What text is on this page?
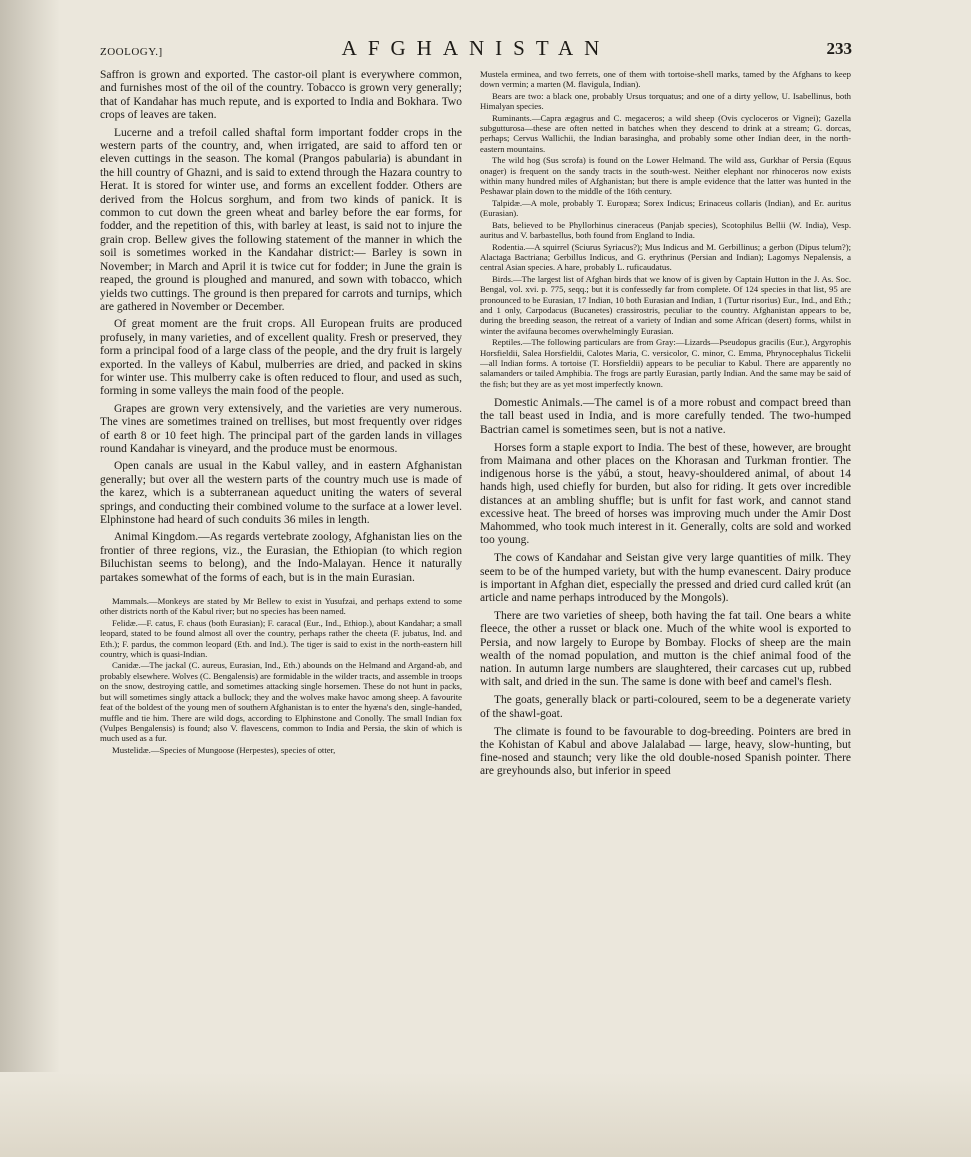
ZOOLOGY.]	AFGHANISTAN	233

Saffron is grown and exported. The castor-oil plant is everywhere common, and furnishes most of the oil of the country. Tobacco is grown very generally; that of Kandahar has much repute, and is exported to India and Bokhara. Two crops of leaves are taken.

Lucerne and a trefoil called shaftal form important fodder crops in the western parts of the country, and, when irrigated, are said to afford ten or eleven cuttings in the season. The komal (Prangos pabularia) is abundant in the hill country of Ghazni, and is said to extend through the Hazara country to Herat. It is stored for winter use, and forms an excellent fodder. Others are derived from the Holcus sorghum, and from two kinds of panick. It is common to cut down the green wheat and barley before the ear forms, for fodder, and the repetition of this, with barley at least, is said not to injure the grain crop. Bellew gives the following statement of the manner in which the soil is sometimes worked in the Kandahar district:— Barley is sown in November; in March and April it is twice cut for fodder; in June the grain is reaped, the ground is ploughed and manured, and sown with tobacco, which yields two cuttings. The ground is then prepared for carrots and turnips, which are gathered in November or December.

Of great moment are the fruit crops. All European fruits are produced profusely, in many varieties, and of excellent quality. Fresh or preserved, they form a principal food of a large class of the people, and the dry fruit is largely exported. In the valleys of Kabul, mulberries are dried, and packed in skins for winter use. This mulberry cake is often reduced to flour, and used as such, forming in some valleys the main food of the people.

Grapes are grown very extensively, and the varieties are very numerous. The vines are sometimes trained on trellises, but most frequently over ridges of earth 8 or 10 feet high. The principal part of the garden lands in villages round Kandahar is vineyard, and the produce must be enormous.

Open canals are usual in the Kabul valley, and in eastern Afghanistan generally; but over all the western parts of the country much use is made of the karez, which is a subterranean aqueduct uniting the waters of several springs, and conducting their combined volume to the surface at a lower level. Elphinstone had heard of such conduits 36 miles in length.

Animal Kingdom.—As regards vertebrate zoology, Afghanistan lies on the frontier of three regions, viz., the Eurasian, the Ethiopian (to which region Biluchistan seems to belong), and the Indo-Malayan. Hence it naturally partakes somewhat of the forms of each, but is in the main Eurasian.

Mammals.—Monkeys are stated by Mr Bellew to exist in Yusufzai, and perhaps extend to some other districts north of the Kabul river; but no species has been named.

Felidæ.—F. catus, F. chaus (both Eurasian); F. caracal (Eur., Ind., Ethiop.), about Kandahar; a small leopard, stated to be found almost all over the country, perhaps rather the cheeta (F. jubatus, Ind. and Eth.); F. pardus, the common leopard (Eth. and Ind.). The tiger is said to exist in the north-eastern hill country, which is quasi-Indian.

Canidæ.—The jackal (C. aureus, Eurasian, Ind., Eth.) abounds on the Helmand and Argand-ab, and probably elsewhere. Wolves (C. Bengalensis) are formidable in the wilder tracts, and assemble in troops on the snow, destroying cattle, and sometimes attacking single horsemen. These do not hunt in packs, but will sometimes singly attack a bullock; they and the wolves make havoc among sheep. A favourite feat of the boldest of the young men of southern Afghanistan is to enter the hyæna's den, single-handed, muffle and tie him. There are wild dogs, according to Elphinstone and Conolly. The small Indian fox (Vulpes Bengalensis) is found; also V. flavescens, common to India and Persia, the skin of which is much used as a fur.

Mustelidæ.—Species of Mungoose (Herpestes), species of otter,

Mustela erminea, and two ferrets, one of them with tortoise-shell marks, tamed by the Afghans to keep down vermin; a marten (M. flavigula, Indian).

Bears are two: a black one, probably Ursus torquatus; and one of a dirty yellow, U. Isabellinus, both Himalyan species.

Ruminants.—Capra ægagrus and C. megaceros; a wild sheep (Ovis cycloceros or Vignei); Gazella subgutturosa—these are often netted in batches when they descend to drink at a stream; G. dorcas, perhaps; Cervus Wallichii, the Indian barasingha, and probably some other Indian deer, in the north-eastern mountains.

The wild hog (Sus scrofa) is found on the Lower Helmand. The wild ass, Gurkhar of Persia (Equus onager) is frequent on the sandy tracts in the south-west. Neither elephant nor rhinoceros now exists within many hundred miles of Afghanistan; but there is ample evidence that the latter was hunted in the Peshawar plain down to the middle of the 16th century.

Talpidæ.—A mole, probably T. Europæa; Sorex Indicus; Erinaceus collaris (Indian), and Er. auritus (Eurasian).

Bats, believed to be Phyllorhinus cineraceus (Panjab species), Scotophilus Bellii (W. India), Vesp. auritus and V. barbastellus, both found from England to India.

Rodentia.—A squirrel (Sciurus Syriacus?); Mus Indicus and M. Gerbillinus; a gerbon (Dipus telum?); Alactaga Bactriana; Gerbillus Indicus, and G. erythrinus (Persian and Indian); Lagomys Nepalensis, a central Asian species. A hare, probably L. ruficaudatus.

Birds.—The largest list of Afghan birds that we know of is given by Captain Hutton in the J. As. Soc. Bengal, vol. xvi. p. 775, seqq.; but it is confessedly far from complete. Of 124 species in that list, 95 are pronounced to be Eurasian, 17 Indian, 10 both Eurasian and Indian, 1 (Turtur risorius) Eur., Ind., and Eth.; and 1 only, Carpodacus (Bucanetes) crassirostris, peculiar to the country. Afghanistan appears to be, during the breeding season, the retreat of a variety of Indian and some African (desert) forms, whilst in winter the avifauna becomes overwhelmingly Eurasian.

Reptiles.—The following particulars are from Gray:—Lizards—Pseudopus gracilis (Eur.), Argyrophis Horsfieldii, Salea Horsfieldii, Calotes Maria, C. versicolor, C. minor, C. Emma, Phrynocephalus Tickelii—all Indian forms. A tortoise (T. Horsfieldii) appears to be peculiar to Kabul. There are apparently no salamanders or tailed Amphibia. The frogs are partly Eurasian, partly Indian. And the same may be said of the fish; but they are as yet most imperfectly known.

Domestic Animals.—The camel is of a more robust and compact breed than the tall beast used in India, and is more carefully tended. The two-humped Bactrian camel is sometimes seen, but is not a native.

Horses form a staple export to India. The best of these, however, are brought from Maimana and other places on the Khorasan and Turkman frontier. The indigenous horse is the yábú, a stout, heavy-shouldered animal, of about 14 hands high, used chiefly for burden, but also for riding. It gets over incredible distances at an ambling shuffle; but is unfit for fast work, and cannot stand excessive heat. The breed of horses was improving much under the Amir Dost Mahommed, who took much interest in it. Generally, colts are sold and worked too young.

The cows of Kandahar and Seistan give very large quantities of milk. They seem to be of the humped variety, but with the hump evanescent. Dairy produce is important in Afghan diet, especially the pressed and dried curd called krút (an article and name perhaps introduced by the Mongols).

There are two varieties of sheep, both having the fat tail. One bears a white fleece, the other a russet or black one. Much of the white wool is exported to Persia, and now largely to Europe by Bombay. Flocks of sheep are the main wealth of the nomad population, and mutton is the chief animal food of the nation. In autumn large numbers are slaughtered, their carcases cut up, rubbed with salt, and dried in the sun. The same is done with beef and camel's flesh.

The goats, generally black or parti-coloured, seem to be a degenerate variety of the shawl-goat.

The climate is found to be favourable to dog-breeding. Pointers are bred in the Kohistan of Kabul and above Jalalabad — large, heavy, slow-hunting, but fine-nosed and staunch; very like the old double-nosed Spanish pointer. There are greyhounds also, but inferior in speed
